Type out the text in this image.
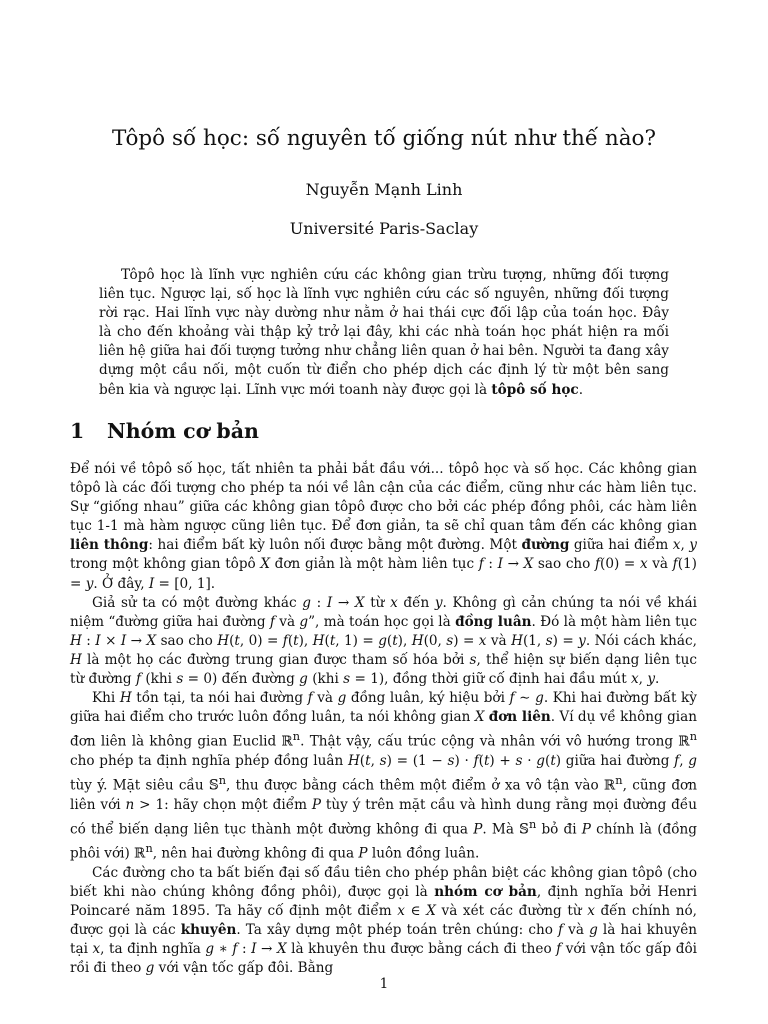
Tôpô số học: số nguyên tố giống nút như thế nào?
Nguyễn Mạnh Linh
Université Paris-Saclay

Tôpô học là lĩnh vực nghiên cứu các không gian trừu tượng, những đối tượng liên tục. Ngược lại, số học là lĩnh vực nghiên cứu các số nguyên, những đối tượng rời rạc. Hai lĩnh vực này dường như nằm ở hai thái cực đối lập của toán học. Đây là cho đến khoảng vài thập kỷ trở lại đây, khi các nhà toán học phát hiện ra mối liên hệ giữa hai đối tượng tưởng như chẳng liên quan ở hai bên. Người ta đang xây dựng một cầu nối, một cuốn từ điển cho phép dịch các định lý từ một bên sang bên kia và ngược lại. Lĩnh vực mới toanh này được gọi là tôpô số học.

1 Nhóm cơ bản

Để nói về tôpô số học, tất nhiên ta phải bắt đầu với... tôpô học và số học. Các không gian tôpô là các đối tượng cho phép ta nói về lân cận của các điểm, cũng như các hàm liên tục. Sự “giống nhau” giữa các không gian tôpô được cho bởi các phép đồng phôi, các hàm liên tục 1-1 mà hàm ngược cũng liên tục. Để đơn giản, ta sẽ chỉ quan tâm đến các không gian liên thông: hai điểm bất kỳ luôn nối được bằng một đường. Một đường giữa hai điểm x, y trong một không gian tôpô X đơn giản là một hàm liên tục f : I → X sao cho f(0) = x và f(1) = y. Ở đây, I = [0, 1].

Giả sử ta có một đường khác g : I → X từ x đến y. Không gì cản chúng ta nói về khái niệm “đường giữa hai đường f và g”, mà toán học gọi là đồng luân. Đó là một hàm liên tục H : I × I → X sao cho H(t, 0) = f(t), H(t, 1) = g(t), H(0, s) = x và H(1, s) = y. Nói cách khác, H là một họ các đường trung gian được tham số hóa bởi s, thể hiện sự biến dạng liên tục từ đường f (khi s = 0) đến đường g (khi s = 1), đồng thời giữ cố định hai đầu mút x, y.

Khi H tồn tại, ta nói hai đường f và g đồng luân, ký hiệu bởi f ∼ g. Khi hai đường bất kỳ giữa hai điểm cho trước luôn đồng luân, ta nói không gian X đơn liên. Ví dụ về không gian đơn liên là không gian Euclid ℝ$^n$. Thật vậy, cấu trúc cộng và nhân với vô hướng trong ℝ$^n$ cho phép ta định nghĩa phép đồng luân H(t, s) = (1 − s) · f(t) + s · g(t) giữa hai đường f, g tùy ý. Mặt siêu cầu 𝕊$^n$, thu được bằng cách thêm một điểm ở xa vô tận vào ℝ$^n$, cũng đơn liên với n > 1: hãy chọn một điểm P tùy ý trên mặt cầu và hình dung rằng mọi đường đều có thể biến dạng liên tục thành một đường không đi qua P. Mà 𝕊$^n$ bỏ đi P chính là (đồng phôi với) ℝ$^n$, nên hai đường không đi qua P luôn đồng luân.

Các đường cho ta bất biến đại số đầu tiên cho phép phân biệt các không gian tôpô (cho biết khi nào chúng không đồng phôi), được gọi là nhóm cơ bản, định nghĩa bởi Henri Poincaré năm 1895. Ta hãy cố định một điểm x ∈ X và xét các đường từ x đến chính nó, được gọi là các khuyên. Ta xây dựng một phép toán trên chúng: cho f và g là hai khuyên tại x, ta định nghĩa g ∗ f : I → X là khuyên thu được bằng cách đi theo f với vận tốc gấp đôi rồi đi theo g với vận tốc gấp đôi. Bằng

1
